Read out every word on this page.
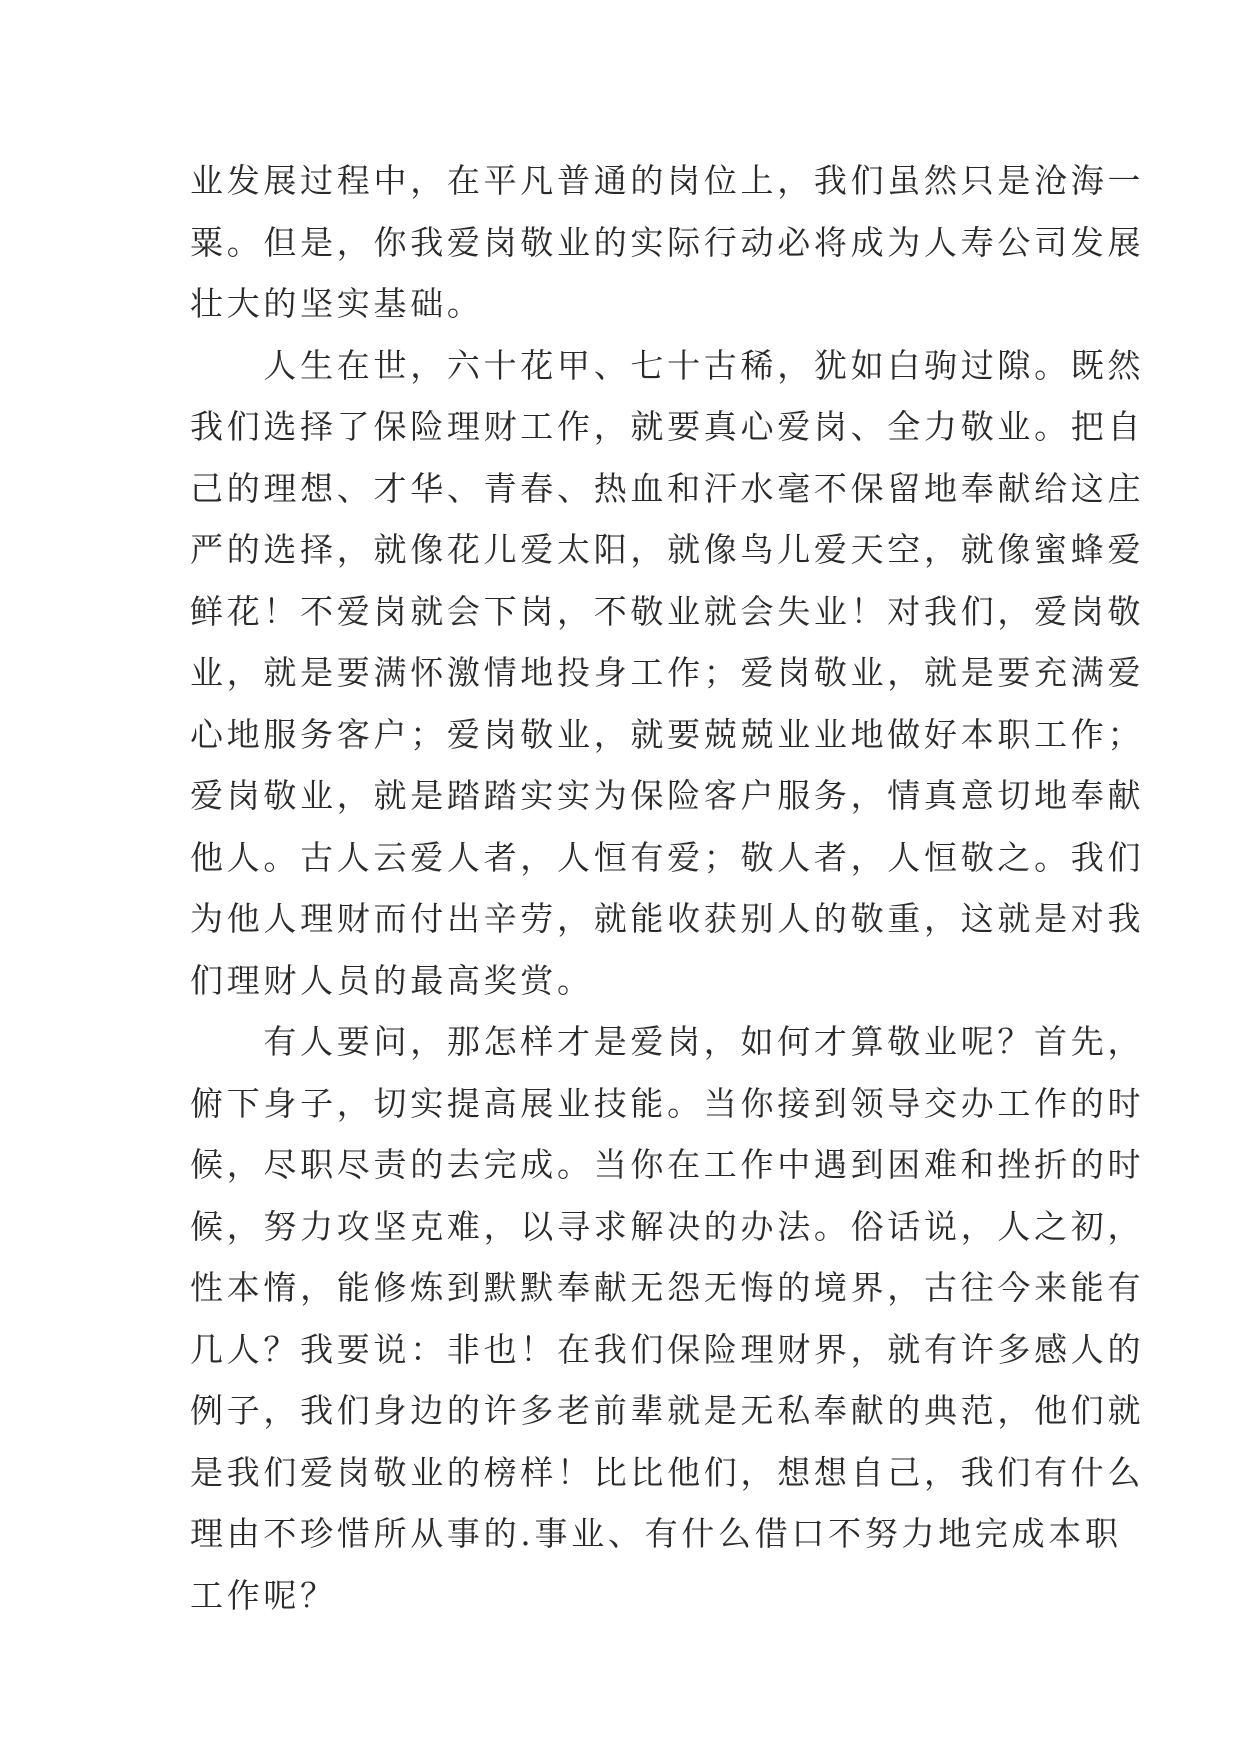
业发展过程中，在平凡普通的岗位上，我们虽然只是沧海一
粟。但是，你我爱岗敬业的实际行动必将成为人寿公司发展
壮大的坚实基础。
　　人生在世，六十花甲、七十古稀，犹如白驹过隙。既然
我们选择了保险理财工作，就要真心爱岗、全力敬业。把自
己的理想、才华、青春、热血和汗水毫不保留地奉献给这庄
严的选择，就像花儿爱太阳，就像鸟儿爱天空，就像蜜蜂爱
鲜花！不爱岗就会下岗，不敬业就会失业！对我们，爱岗敬
业，就是要满怀激情地投身工作；爱岗敬业，就是要充满爱
心地服务客户；爱岗敬业，就要兢兢业业地做好本职工作；
爱岗敬业，就是踏踏实实为保险客户服务，情真意切地奉献
他人。古人云爱人者，人恒有爱；敬人者，人恒敬之。我们
为他人理财而付出辛劳，就能收获别人的敬重，这就是对我
们理财人员的最高奖赏。
　　有人要问，那怎样才是爱岗，如何才算敬业呢？首先，
俯下身子，切实提高展业技能。当你接到领导交办工作的时
候，尽职尽责的去完成。当你在工作中遇到困难和挫折的时
候，努力攻坚克难，以寻求解决的办法。俗话说，人之初，
性本惰，能修炼到默默奉献无怨无悔的境界，古往今来能有
几人？我要说：非也！在我们保险理财界，就有许多感人的
例子，我们身边的许多老前辈就是无私奉献的典范，他们就
是我们爱岗敬业的榜样！比比他们，想想自己，我们有什么
理由不珍惜所从事的.事业、有什么借口不努力地完成本职
工作呢？
